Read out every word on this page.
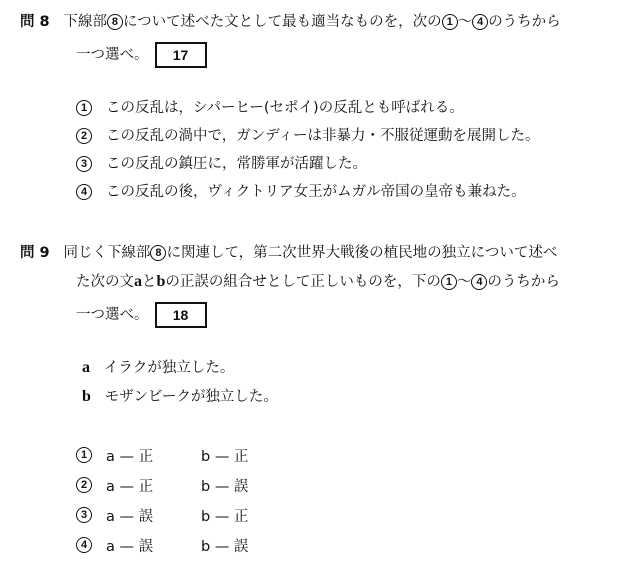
問 8 下線部 8 について述べた文として最も適当なものを，次の 1 ～ 4 のうちから
一つ選べ。 17
1 この反乱は，シパーヒー(セポイ)の反乱とも呼ばれる。
2 この反乱の渦中で，ガンディーは非暴力・不服従運動を展開した。
3 この反乱の鎮圧に，常勝軍が活躍した。
4 この反乱の後，ヴィクトリア女王がムガル帝国の皇帝も兼ねた。
問 9 同じく下線部 8 に関連して，第二次世界大戦後の植民地の独立について述べ
た次の文aとbの正誤の組合せとして正しいものを，下の 1 ～ 4 のうちから
一つ選べ。 18
a イラクが独立した。
b モザンビークが独立した。
1	a — 正	b — 正
2	a — 正	b — 誤
3	a — 誤	b — 正
4	a — 誤	b — 誤
